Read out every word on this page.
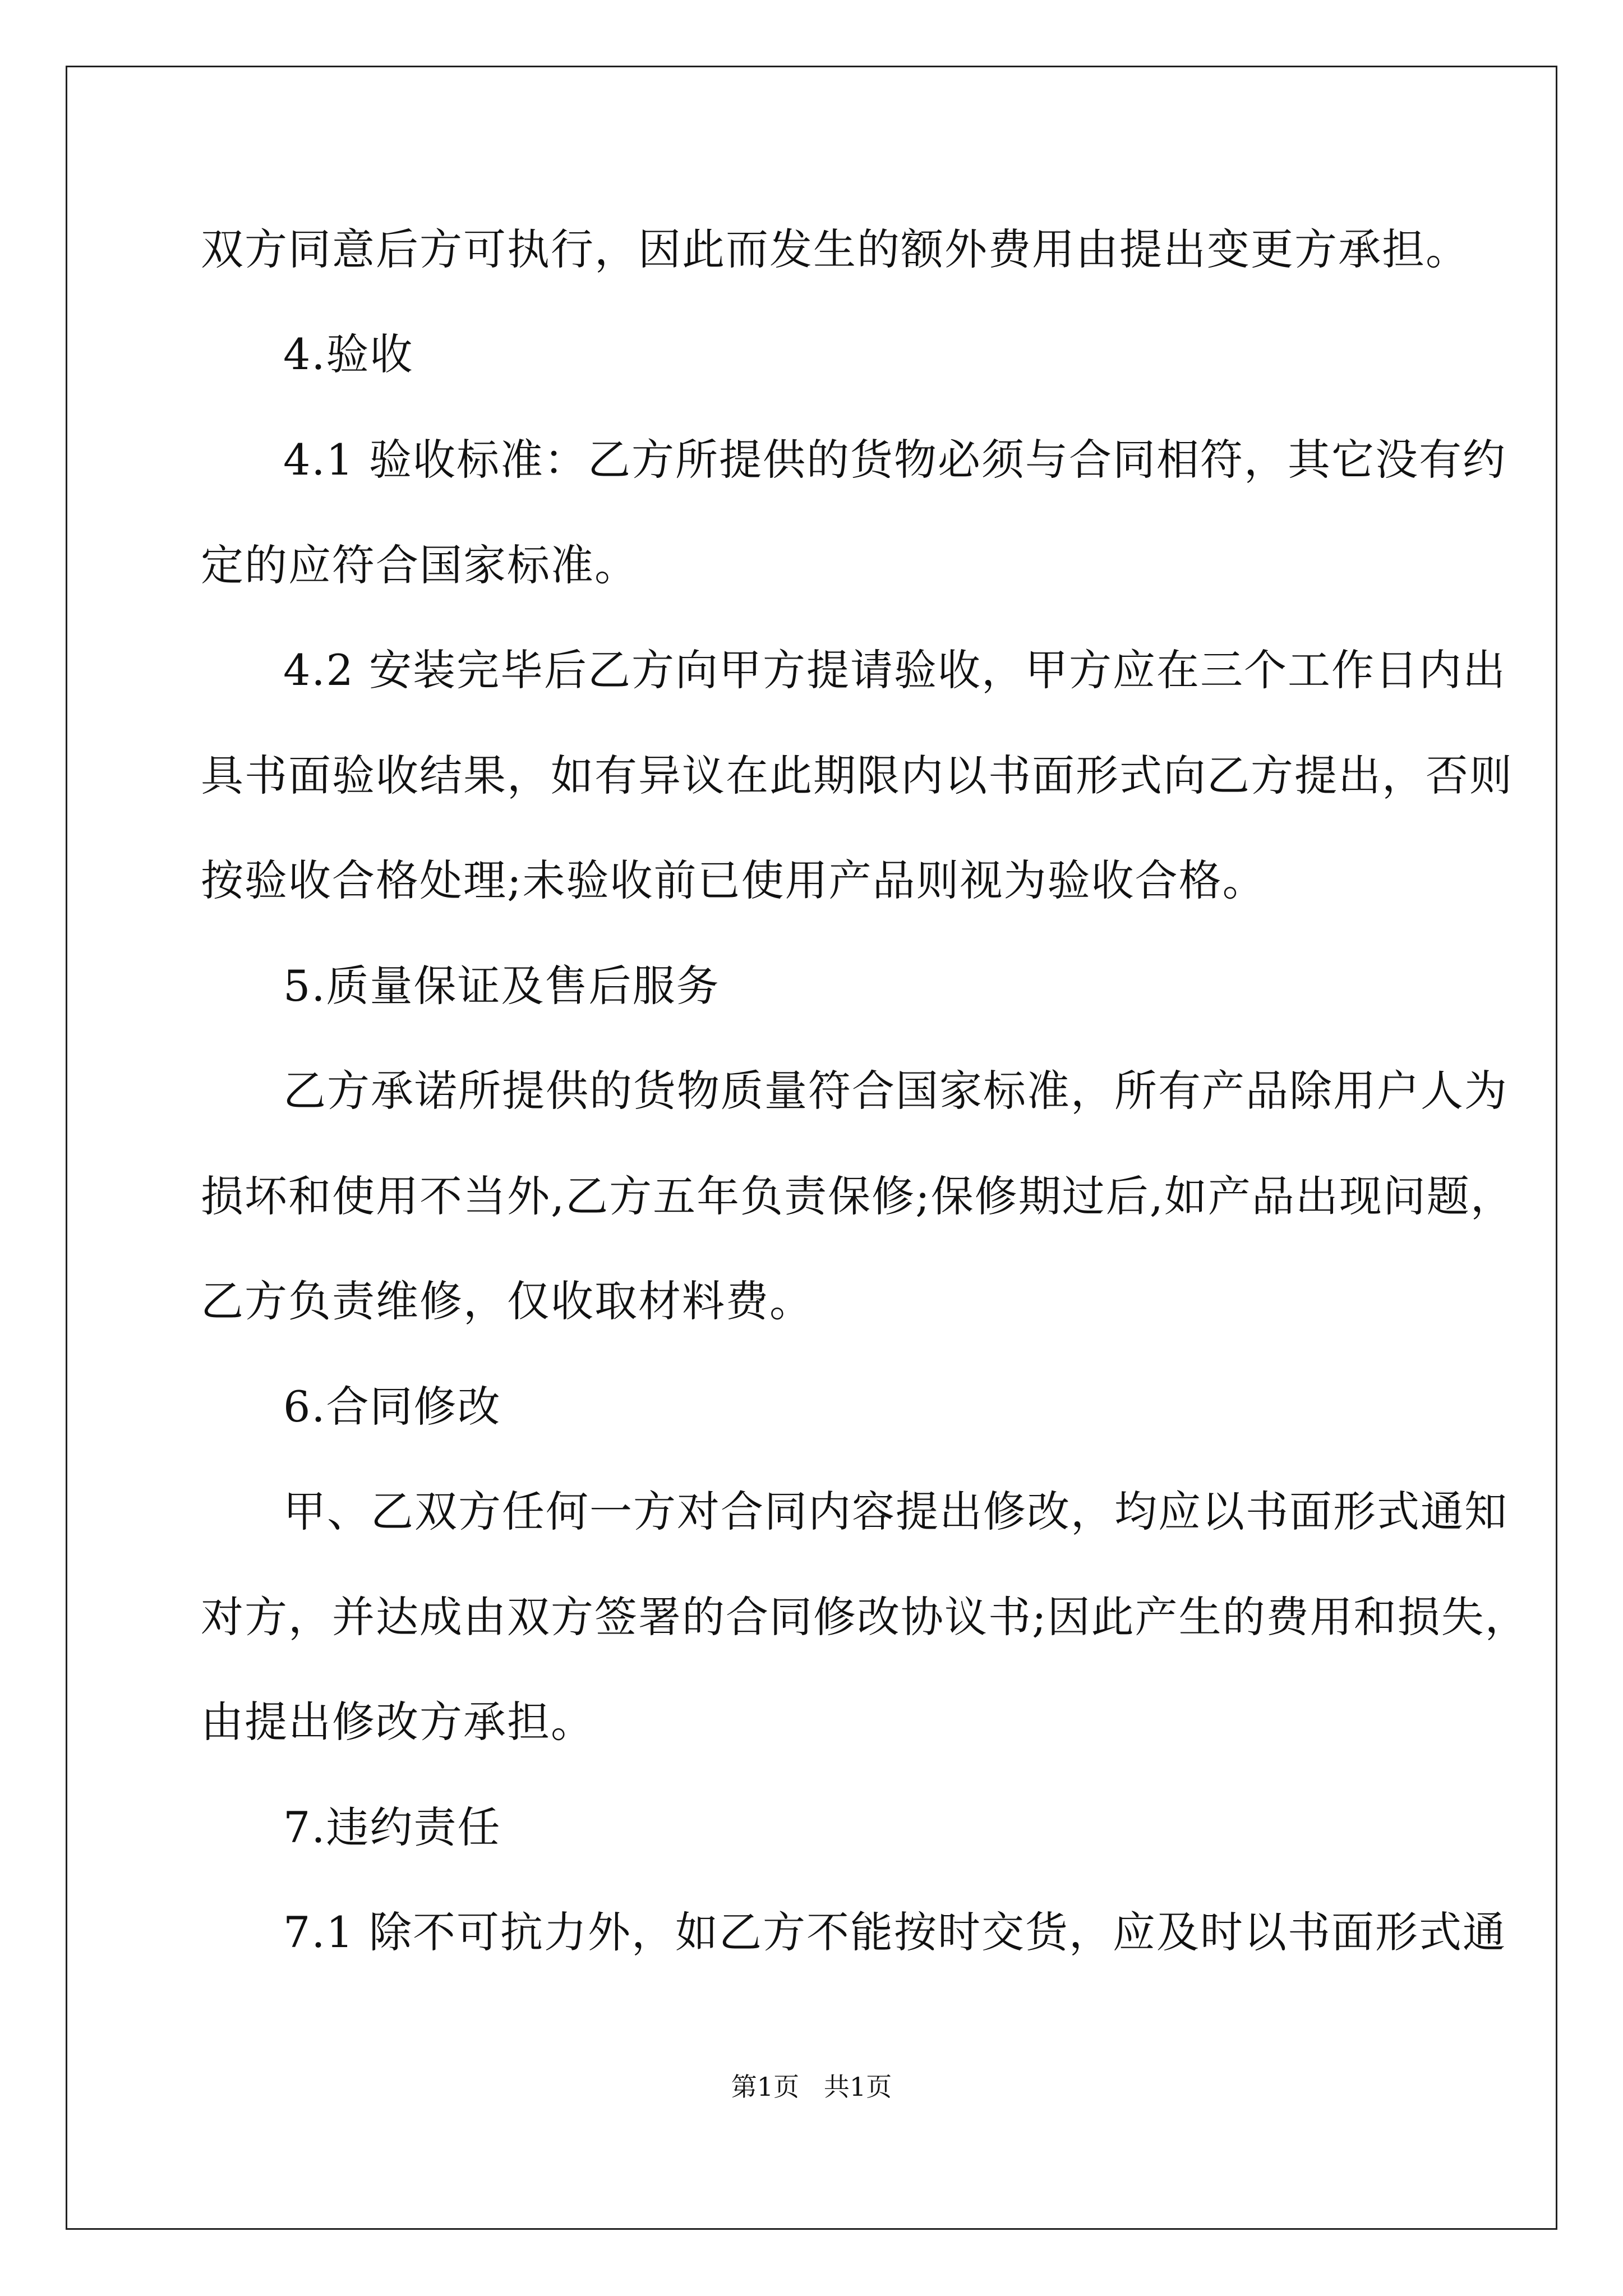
双方同意后方可执行，因此而发生的额外费用由提出变更方承担。
4.验收
4.1 验收标准：乙方所提供的货物必须与合同相符，其它没有约
定的应符合国家标准。
4.2 安装完毕后乙方向甲方提请验收，甲方应在三个工作日内出
具书面验收结果，如有异议在此期限内以书面形式向乙方提出，否则
按验收合格处理;未验收前已使用产品则视为验收合格。
5.质量保证及售后服务
乙方承诺所提供的货物质量符合国家标准，所有产品除用户人为
损坏和使用不当外,乙方五年负责保修;保修期过后,如产品出现问题，
乙方负责维修，仅收取材料费。
6.合同修改
甲、乙双方任何一方对合同内容提出修改，均应以书面形式通知
对方，并达成由双方签署的合同修改协议书;因此产生的费用和损失，
由提出修改方承担。
7.违约责任
7.1 除不可抗力外，如乙方不能按时交货，应及时以书面形式通
第1页   共1页
